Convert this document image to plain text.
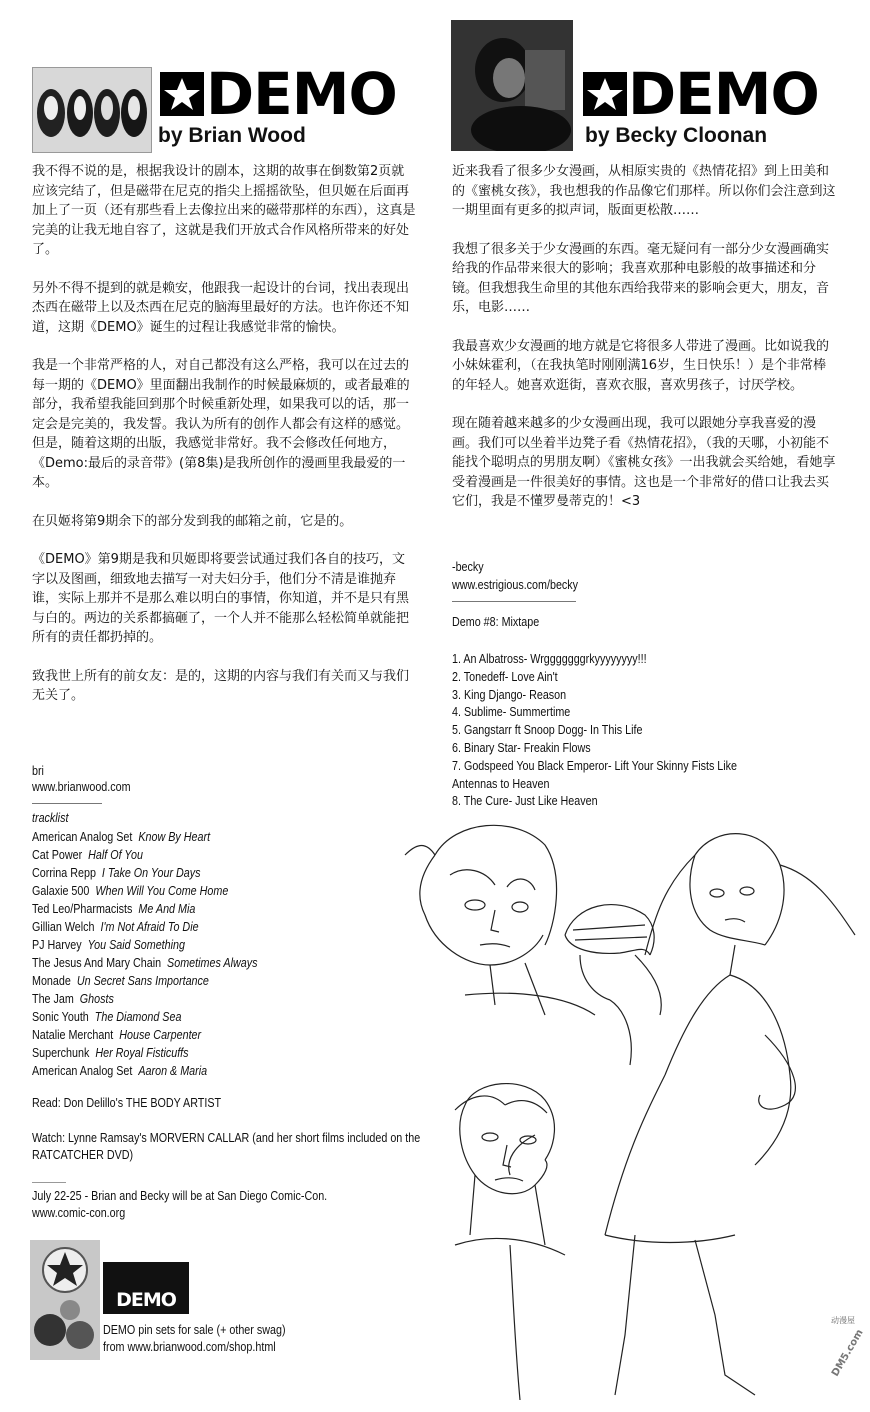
DEMO
by Brian Wood
DEMO
by Becky Cloonan

我不得不说的是，根据我设计的剧本，这期的故事在倒数第2页就应该完结了，但是磁带在尼克的指尖上摇摇欲坠，但贝姬在后面再加上了一页（还有那些看上去像拉出来的磁带那样的东西），这真是完美的让我无地自容了，这就是我们开放式合作风格所带来的好处了。

另外不得不提到的就是赖安，他跟我一起设计的台词，找出表现出杰西在磁带上以及杰西在尼克的脑海里最好的方法。也许你还不知道，这期《DEMO》诞生的过程让我感觉非常的愉快。

我是一个非常严格的人，对自己都没有这么严格，我可以在过去的每一期的《DEMO》里面翻出我制作的时候最麻烦的，或者最难的部分，我希望我能回到那个时候重新处理，如果我可以的话，那一定会是完美的，我发誓。我认为所有的创作人都会有这样的感觉。但是，随着这期的出版，我感觉非常好。我不会修改任何地方，《Demo:最后的录音带》(第8集)是我所创作的漫画里我最爱的一本。

在贝姬将第9期余下的部分发到我的邮箱之前，它是的。

《DEMO》第9期是我和贝姬即将要尝试通过我们各自的技巧，文字以及图画，细致地去描写一对夫妇分手，他们分不清是谁抛弃谁，实际上那并不是那么难以明白的事情，你知道，并不是只有黑与白的。两边的关系都搞砸了，一个人并不能那么轻松简单就能把所有的责任都扔掉的。

致我世上所有的前女友：是的，这期的内容与我们有关而又与我们无关了。

近来我看了很多少女漫画，从相原实贵的《热情花招》到上田美和的《蜜桃女孩》，我也想我的作品像它们那样。所以你们会注意到这一期里面有更多的拟声词，版面更松散……

我想了很多关于少女漫画的东西。毫无疑问有一部分少女漫画确实给我的作品带来很大的影响；我喜欢那种电影般的故事描述和分镜。但我想我生命里的其他东西给我带来的影响会更大，朋友，音乐，电影……

我最喜欢少女漫画的地方就是它将很多人带进了漫画。比如说我的小妹妹霍利，（在我执笔时刚刚满16岁，生日快乐！）是个非常棒的年轻人。她喜欢逛街，喜欢衣服，喜欢男孩子，讨厌学校。

现在随着越来越多的少女漫画出现，我可以跟她分享我喜爱的漫画。我们可以坐着半边凳子看《热情花招》，（我的天哪，小初能不能找个聪明点的男朋友啊）《蜜桃女孩》一出我就会买给她，看她享受着漫画是一件很美好的事情。这也是一个非常好的借口让我去买它们，我是不懂罗曼蒂克的！<3

-becky
www.estrigious.com/becky
Demo #8: Mixtape
1. An Albatross- Wrgggggggrkyyyyyyyy!!!
2. Tonedeff- Love Ain't
3. King Django- Reason
4. Sublime- Summertime
5. Gangstarr ft Snoop Dogg- In This Life
6. Binary Star- Freakin Flows
7. Godspeed You Black Emperor- Lift Your Skinny Fists Like
Antennas to Heaven
8. The Cure- Just Like Heaven
bri
www.brianwood.com
tracklist
American Analog Set Know By Heart
Cat Power Half Of You
Corrina Repp I Take On Your Days
Galaxie 500 When Will You Come Home
Ted Leo/Pharmacists Me And Mia
Gillian Welch I'm Not Afraid To Die
PJ Harvey You Said Something
The Jesus And Mary Chain Sometimes Always
Monade Un Secret Sans Importance
The Jam Ghosts
Sonic Youth The Diamond Sea
Natalie Merchant House Carpenter
Superchunk Her Royal Fisticuffs
American Analog Set Aaron & Maria
Read: Don Delillo's THE BODY ARTIST
Watch: Lynne Ramsay's MORVERN CALLAR (and her short films included on the
RATCATCHER DVD)
July 22-25 - Brian and Becky will be at San Diego Comic-Con.
www.comic-con.org
DEMO
DEMO pin sets for sale (+ other swag)
from www.brianwood.com/shop.html
动漫屋
DM5.com
